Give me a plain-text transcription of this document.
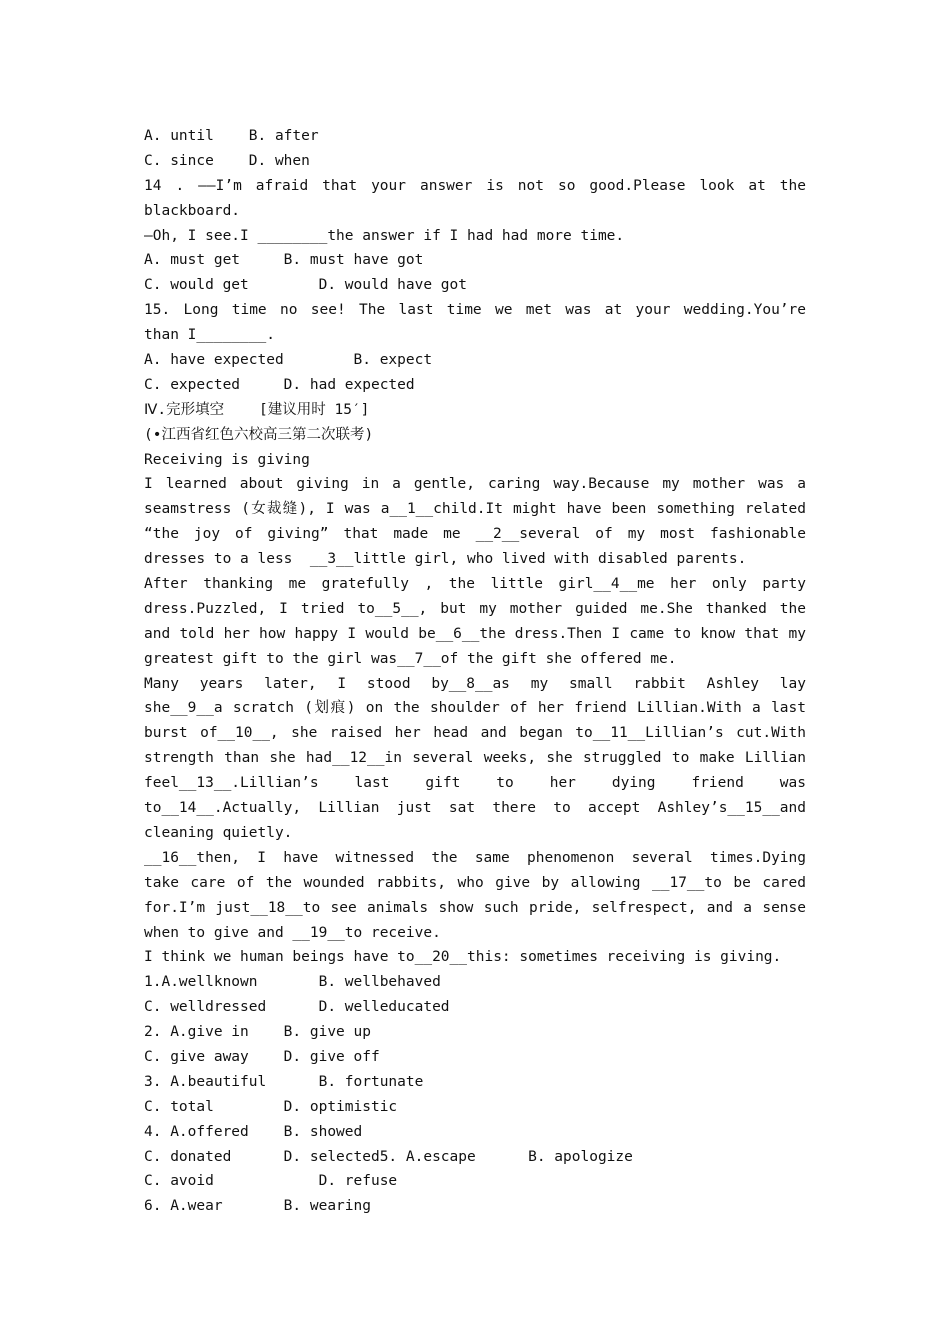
A. until    B. after
C. since    D. when
14 . ——I’m afraid that your answer is not so good.Please look at the
blackboard.
—Oh, I see.I ________the answer if I had had more time.
A. must get     B. must have got
C. would get        D. would have got
15. Long time no see! The last time we met was at your wedding.You’re
than I________.
A. have expected        B. expect
C. expected     D. had expected
Ⅳ.完形填空    [建议用时 15′]
(•江西省红色六校高三第二次联考)
Receiving is giving
I learned about giving in a gentle, caring way.Because my mother was a
seamstress (女裁缝), I was a__1__child.It might have been something related
“the joy of giving” that made me __2__several of my most fashionable
dresses to a less  __3__little girl, who lived with disabled parents.
After thanking me gratefully , the little girl__4__me her only party
dress.Puzzled, I tried to__5__, but my mother guided me.She thanked the
and told her how happy I would be__6__the dress.Then I came to know that my
greatest gift to the girl was__7__of the gift she offered me.
Many years later, I stood by__8__as my small rabbit Ashley lay
she__9__a scratch (划痕) on the shoulder of her friend Lillian.With a last
burst of__10__, she raised her head and began to__11__Lillian’s cut.With
strength than she had__12__in several weeks, she struggled to make Lillian
feel__13__.Lillian’s last gift to her dying friend was
to__14__.Actually, Lillian just sat there to accept Ashley’s__15__and
cleaning quietly.
__16__then, I have witnessed the same phenomenon several times.Dying
take care of the wounded rabbits, who give by allowing __17__to be cared
for.I’m just__18__to see animals show such pride, selfrespect, and a sense
when to give and __19__to receive.
I think we human beings have to__20__this: sometimes receiving is giving.
1.A.wellknown       B. wellbehaved
C. welldressed      D. welleducated
2. A.give in    B. give up
C. give away    D. give off
3. A.beautiful      B. fortunate
C. total        D. optimistic
4. A.offered    B. showed
C. donated      D. selected5. A.escape      B. apologize
C. avoid            D. refuse
6. A.wear       B. wearing
